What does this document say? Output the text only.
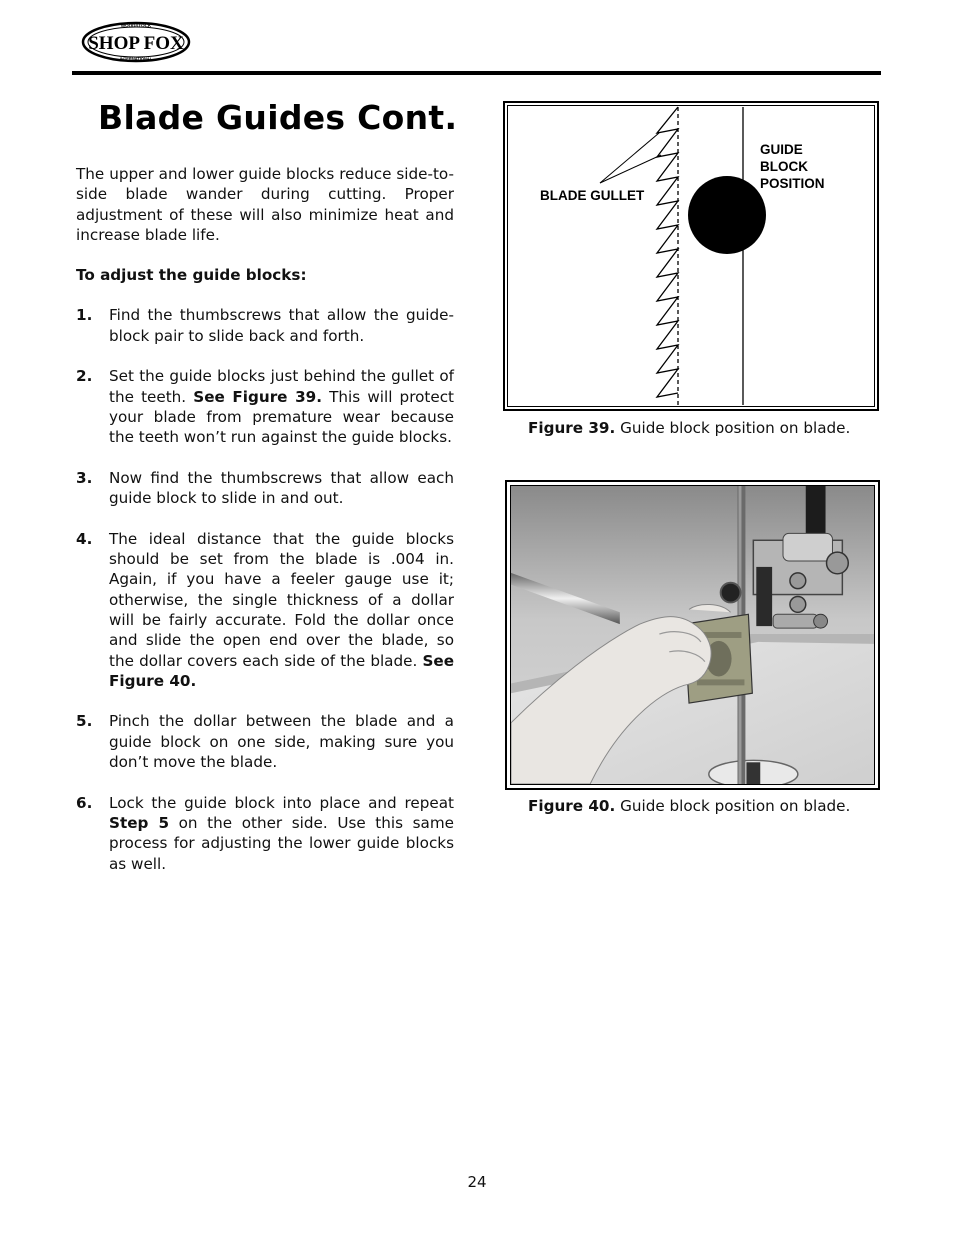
SHOP FOX
WOODSTOCK
INTERNATIONAL
Blade Guides Cont.

The upper and lower guide blocks reduce side-to-side blade wander during cutting. Proper adjustment of these will also minimize heat and increase blade life.

To adjust the guide blocks:

1. Find the thumbscrews that allow the guide-block pair to slide back and forth.
2. Set the guide blocks just behind the gullet of the teeth. See Figure 39. This will protect your blade from premature wear because the teeth won’t run against the guide blocks.
3. Now find the thumbscrews that allow each guide block to slide in and out.
4. The ideal distance that the guide blocks should be set from the blade is .004 in. Again, if you have a feeler gauge use it; otherwise, the single thickness of a dollar will be fairly accurate. Fold the dollar once and slide the open end over the blade, so the dollar covers each side of the blade. See Figure 40.
5. Pinch the dollar between the blade and a guide block on one side, making sure you don’t move the blade.
6. Lock the guide block into place and repeat Step 5 on the other side. Use this same process for adjusting the lower guide blocks as well.
BLADE GULLET
GUIDE BLOCK POSITION
Figure 39. Guide block position on blade.
Figure 40. Guide block position on blade.
24
